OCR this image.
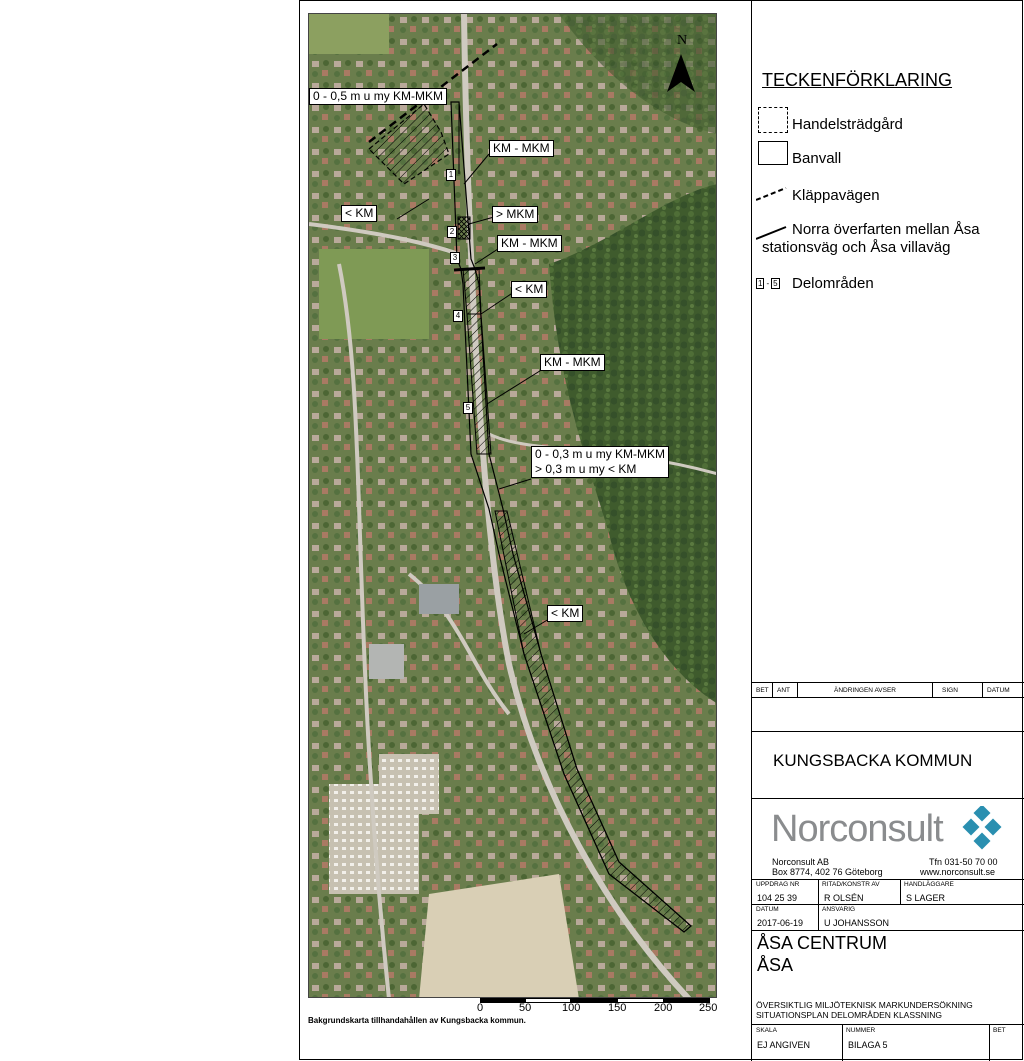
N
0 - 0,5 m u my KM-MKM
KM - MKM
< KM	> MKM
KM - MKM
< KM
KM - MKM
0 - 0,3 m u my KM-MKM
> 0,3 m u my < KM
< KM
1
2
3
4
5
0	50	100	150	200 250
Bakgrundskarta tillhandahållen av Kungsbacka kommun.
TECKENFÖRKLARING
Handelsträdgård
Banvall
Kläppavägen
Norra överfarten mellan Åsa
stationsväg och Åsa villaväg
1 - 5 Delområden
BET ANT	ÄNDRINGEN AVSER	SIGN	DATUM
KUNGSBACKA KOMMUN
Norconsult
Norconsult AB
Box 8774, 402 76 Göteborg
Tfn 031-50 70 00
www.norconsult.se
UPPDRAG NR
104 25 39
RITAD/KONSTR AV
R OLSÉN
HANDLÄGGARE
S LAGER
DATUM
2017-06-19
ANSVARIG
U JOHANSSON
ÅSA CENTRUM
ÅSA
ÖVERSIKTLIG MILJÖTEKNISK MARKUNDERSÖKNING
SITUATIONSPLAN DELOMRÅDEN KLASSNING
SKALA
EJ ANGIVEN
NUMMER
BILAGA 5
BET
